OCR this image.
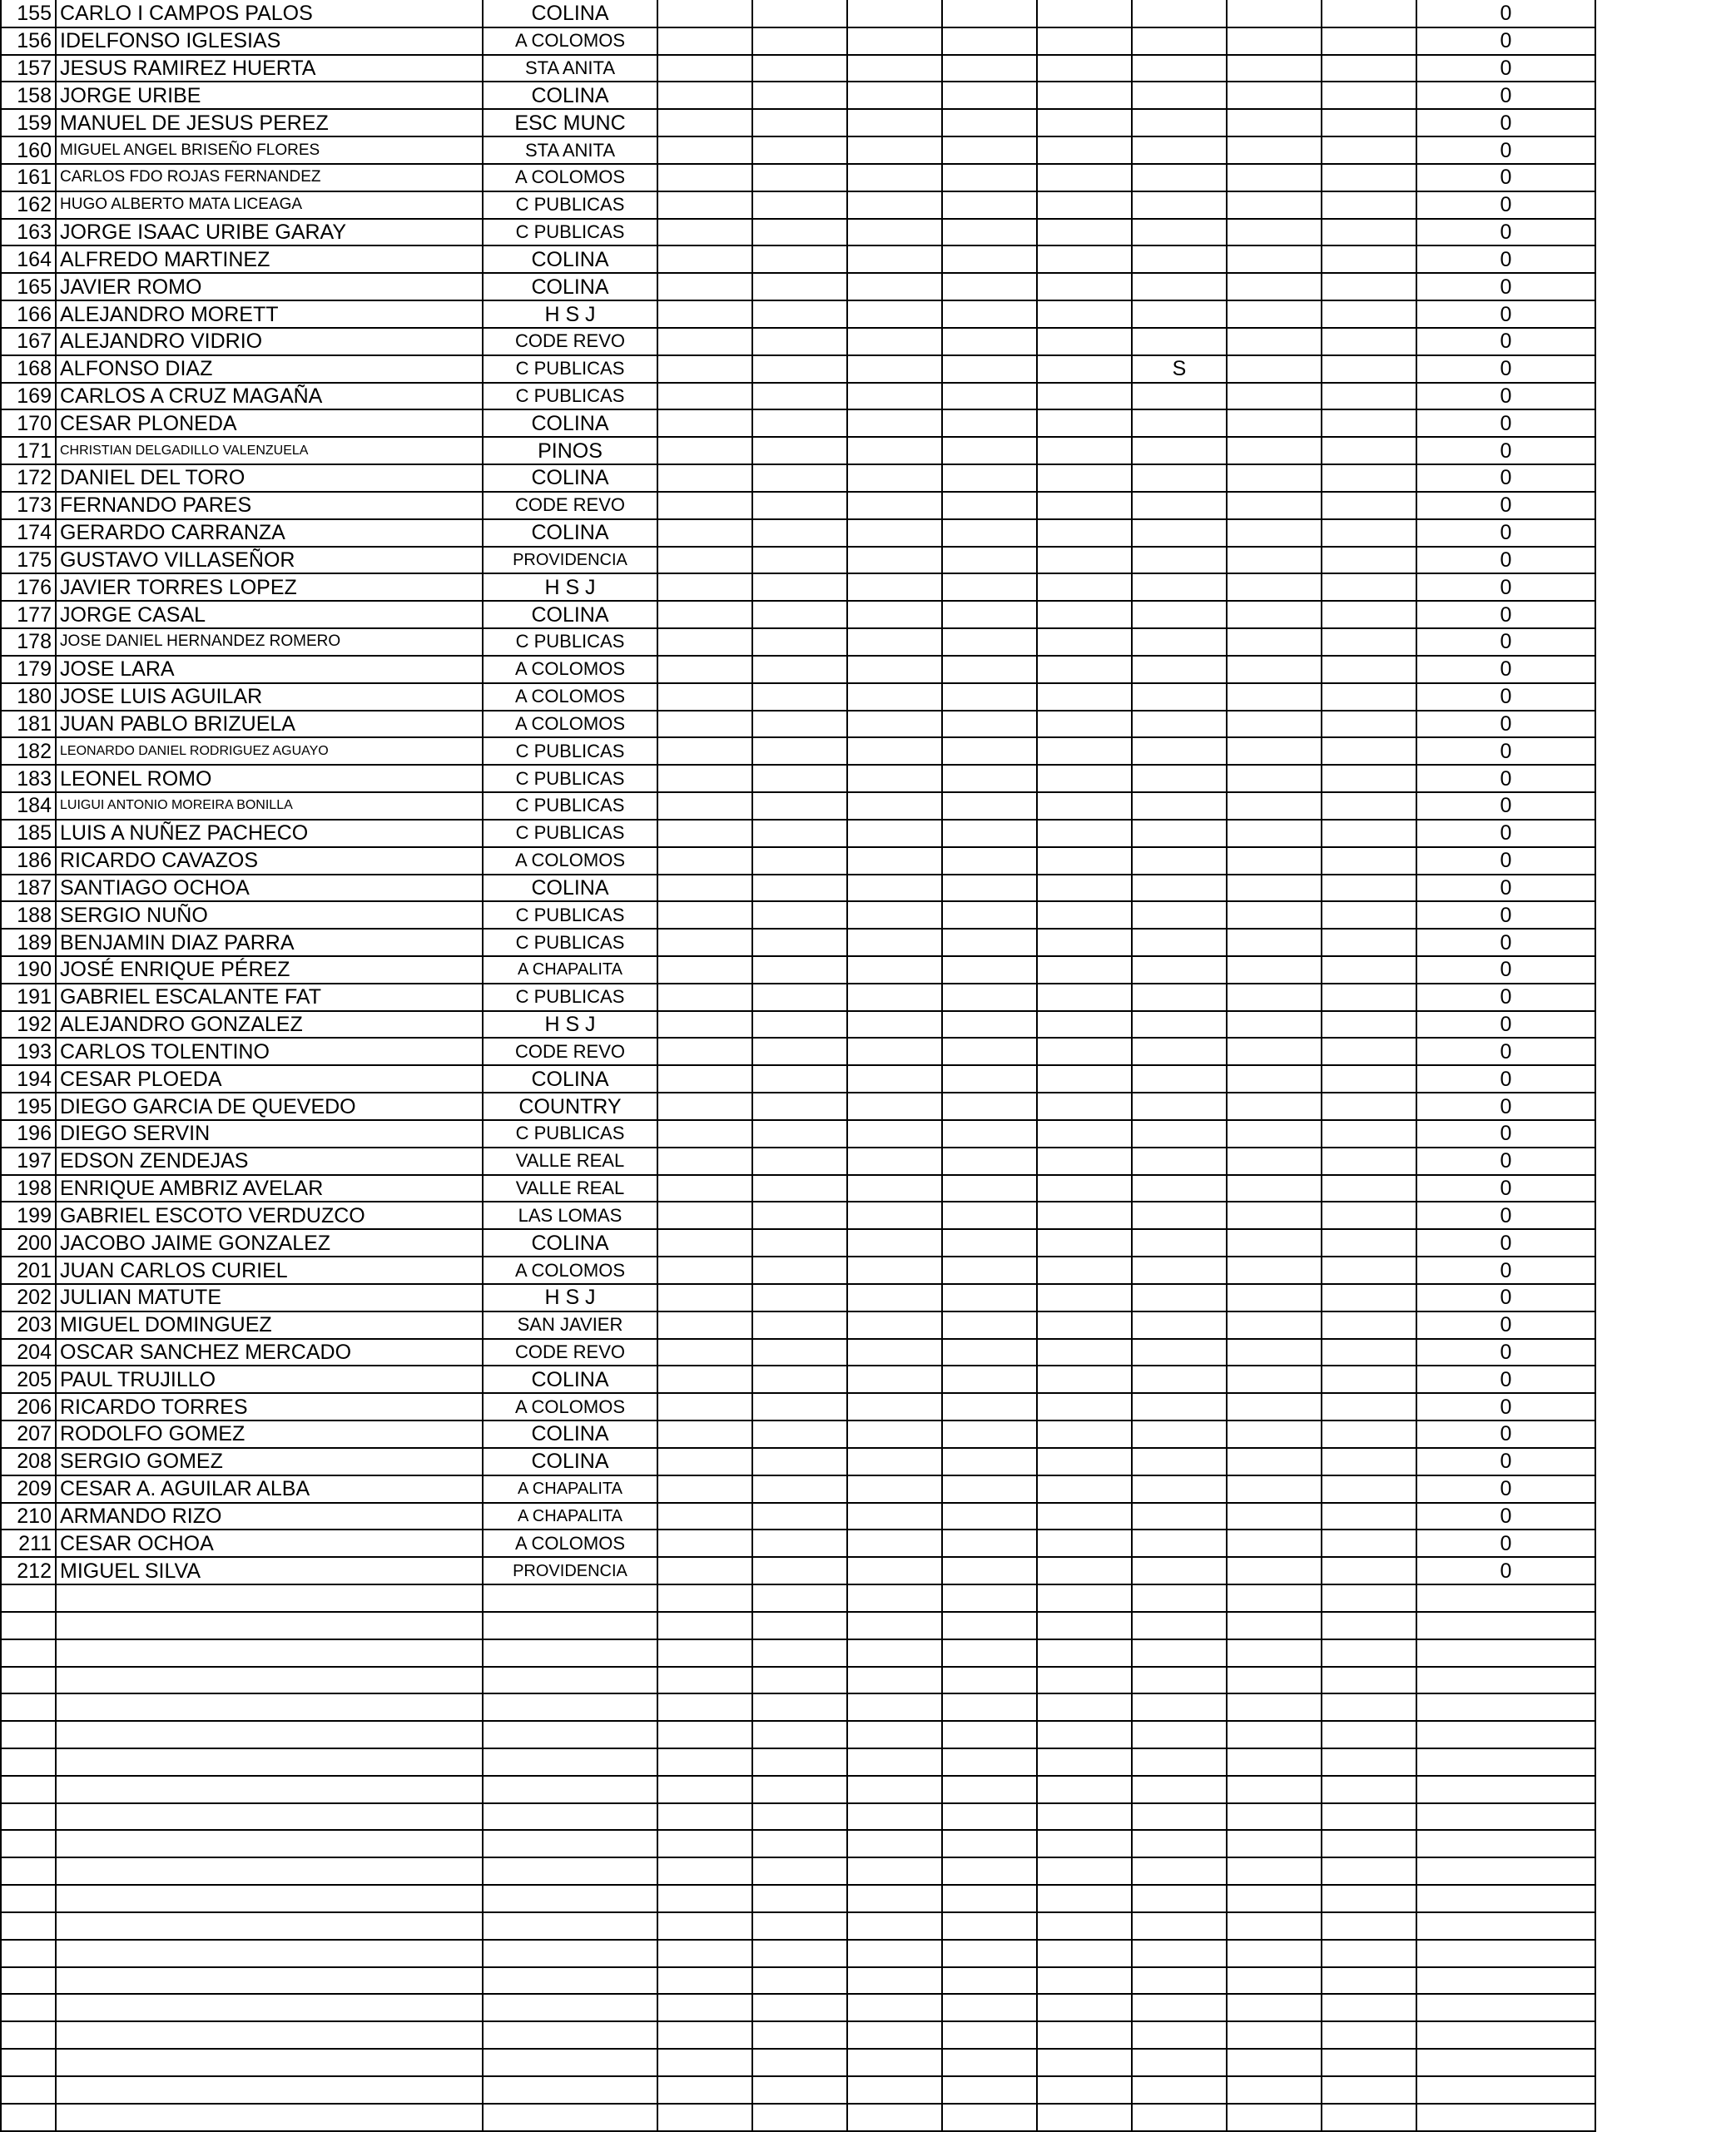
155	CARLO I CAMPOS PALOS	COLINA									0
156	IDELFONSO IGLESIAS	A COLOMOS									0
157	JESUS RAMIREZ HUERTA	STA ANITA									0
158	JORGE URIBE	COLINA									0
159	MANUEL DE JESUS PEREZ	ESC MUNC									0
160	MIGUEL ANGEL BRISEÑO FLORES	STA ANITA									0
161	CARLOS FDO ROJAS FERNANDEZ	A COLOMOS									0
162	HUGO ALBERTO MATA LICEAGA	C PUBLICAS									0
163	JORGE ISAAC URIBE GARAY	C PUBLICAS									0
164	ALFREDO MARTINEZ	COLINA									0
165	JAVIER ROMO	COLINA									0
166	ALEJANDRO MORETT	H S J									0
167	ALEJANDRO VIDRIO	CODE REVO									0
168	ALFONSO DIAZ	C PUBLICAS						S			0
169	CARLOS A CRUZ MAGAÑA	C PUBLICAS									0
170	CESAR PLONEDA	COLINA									0
171	CHRISTIAN DELGADILLO VALENZUELA	PINOS									0
172	DANIEL DEL TORO	COLINA									0
173	FERNANDO PARES	CODE REVO									0
174	GERARDO CARRANZA	COLINA									0
175	GUSTAVO VILLASEÑOR	PROVIDENCIA									0
176	JAVIER TORRES LOPEZ	H S J									0
177	JORGE CASAL	COLINA									0
178	JOSE DANIEL HERNANDEZ ROMERO	C PUBLICAS									0
179	JOSE LARA	A COLOMOS									0
180	JOSE LUIS AGUILAR	A COLOMOS									0
181	JUAN PABLO BRIZUELA	A COLOMOS									0
182	LEONARDO DANIEL RODRIGUEZ AGUAYO	C PUBLICAS									0
183	LEONEL ROMO	C PUBLICAS									0
184	LUIGUI ANTONIO MOREIRA BONILLA	C PUBLICAS									0
185	LUIS A NUÑEZ PACHECO	C PUBLICAS									0
186	RICARDO CAVAZOS	A COLOMOS									0
187	SANTIAGO OCHOA	COLINA									0
188	SERGIO NUÑO	C PUBLICAS									0
189	BENJAMIN DIAZ PARRA	C PUBLICAS									0
190	JOSÉ ENRIQUE PÉREZ	A CHAPALITA									0
191	GABRIEL ESCALANTE FAT	C PUBLICAS									0
192	ALEJANDRO GONZALEZ	H S J									0
193	CARLOS TOLENTINO	CODE REVO									0
194	CESAR PLOEDA	COLINA									0
195	DIEGO GARCIA DE QUEVEDO	COUNTRY									0
196	DIEGO SERVIN	C PUBLICAS									0
197	EDSON ZENDEJAS	VALLE REAL									0
198	ENRIQUE AMBRIZ AVELAR	VALLE REAL									0
199	GABRIEL ESCOTO VERDUZCO	LAS LOMAS									0
200	JACOBO JAIME GONZALEZ	COLINA									0
201	JUAN CARLOS CURIEL	A COLOMOS									0
202	JULIAN MATUTE	H S J									0
203	MIGUEL DOMINGUEZ	SAN JAVIER									0
204	OSCAR SANCHEZ MERCADO	CODE REVO									0
205	PAUL TRUJILLO	COLINA									0
206	RICARDO TORRES	A COLOMOS									0
207	RODOLFO GOMEZ	COLINA									0
208	SERGIO GOMEZ	COLINA									0
209	CESAR A. AGUILAR ALBA	A CHAPALITA									0
210	ARMANDO RIZO	A CHAPALITA									0
211	CESAR OCHOA	A COLOMOS									0
212	MIGUEL SILVA	PROVIDENCIA									0
